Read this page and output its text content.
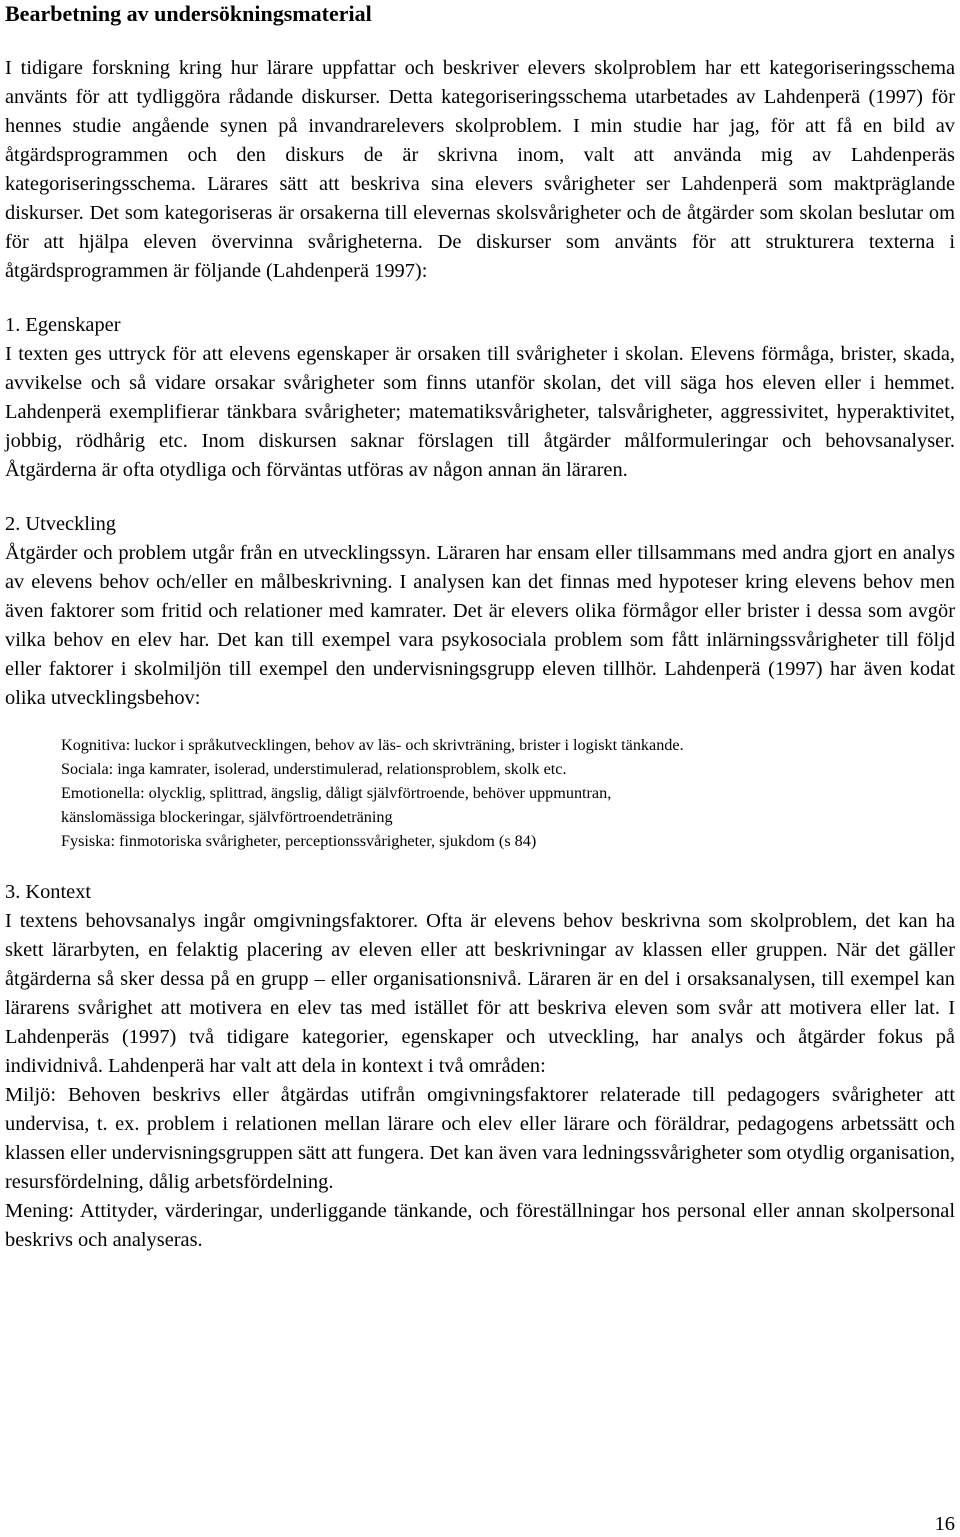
Bearbetning av undersökningsmaterial

I tidigare forskning kring hur lärare uppfattar och beskriver elevers skolproblem har ett kategoriseringsschema använts för att tydliggöra rådande diskurser. Detta kategoriseringsschema utarbetades av Lahdenperä (1997) för hennes studie angående synen på invandrarelevers skolproblem. I min studie har jag, för att få en bild av åtgärdsprogrammen och den diskurs de är skrivna inom, valt att använda mig av Lahdenperäs kategoriseringsschema. Lärares sätt att beskriva sina elevers svårigheter ser Lahdenperä som maktpräglande diskurser. Det som kategoriseras är orsakerna till elevernas skolsvårigheter och de åtgärder som skolan beslutar om för att hjälpa eleven övervinna svårigheterna. De diskurser som använts för att strukturera texterna i åtgärdsprogrammen är följande (Lahdenperä 1997):

1. Egenskaper

I texten ges uttryck för att elevens egenskaper är orsaken till svårigheter i skolan. Elevens förmåga, brister, skada, avvikelse och så vidare orsakar svårigheter som finns utanför skolan, det vill säga hos eleven eller i hemmet. Lahdenperä exemplifierar tänkbara svårigheter; matematiksvårigheter, talsvårigheter, aggressivitet, hyperaktivitet, jobbig, rödhårig etc. Inom diskursen saknar förslagen till åtgärder målformuleringar och behovsanalyser. Åtgärderna är ofta otydliga och förväntas utföras av någon annan än läraren.

2. Utveckling

Åtgärder och problem utgår från en utvecklingssyn. Läraren har ensam eller tillsammans med andra gjort en analys av elevens behov och/eller en målbeskrivning. I analysen kan det finnas med hypoteser kring elevens behov men även faktorer som fritid och relationer med kamrater. Det är elevers olika förmågor eller brister i dessa som avgör vilka behov en elev har. Det kan till exempel vara psykosociala problem som fått inlärningssvårigheter till följd eller faktorer i skolmiljön till exempel den undervisningsgrupp eleven tillhör. Lahdenperä (1997) har även kodat olika utvecklingsbehov:

Kognitiva: luckor i språkutvecklingen, behov av läs- och skrivträning, brister i logiskt tänkande.
Sociala: inga kamrater, isolerad, understimulerad, relationsproblem, skolk etc.
Emotionella: olycklig, splittrad, ängslig, dåligt självförtroende, behöver uppmuntran,
känslomässiga blockeringar, självförtroendeträning
Fysiska: finmotoriska svårigheter, perceptionssvårigheter, sjukdom (s 84)

3. Kontext

I textens behovsanalys ingår omgivningsfaktorer. Ofta är elevens behov beskrivna som skolproblem, det kan ha skett lärarbyten, en felaktig placering av eleven eller att beskrivningar av klassen eller gruppen. När det gäller åtgärderna så sker dessa på en grupp – eller organisationsnivå. Läraren är en del i orsaksanalysen, till exempel kan lärarens svårighet att motivera en elev tas med istället för att beskriva eleven som svår att motivera eller lat. I Lahdenperäs (1997) två tidigare kategorier, egenskaper och utveckling, har analys och åtgärder fokus på individnivå. Lahdenperä har valt att dela in kontext i två områden:

Miljö: Behoven beskrivs eller åtgärdas utifrån omgivningsfaktorer relaterade till pedagogers svårigheter att undervisa, t. ex. problem i relationen mellan lärare och elev eller lärare och föräldrar, pedagogens arbetssätt och klassen eller undervisningsgruppen sätt att fungera. Det kan även vara ledningssvårigheter som otydlig organisation, resursfördelning, dålig arbetsfördelning.

Mening: Attityder, värderingar, underliggande tänkande, och föreställningar hos personal eller annan skolpersonal beskrivs och analyseras.

16
